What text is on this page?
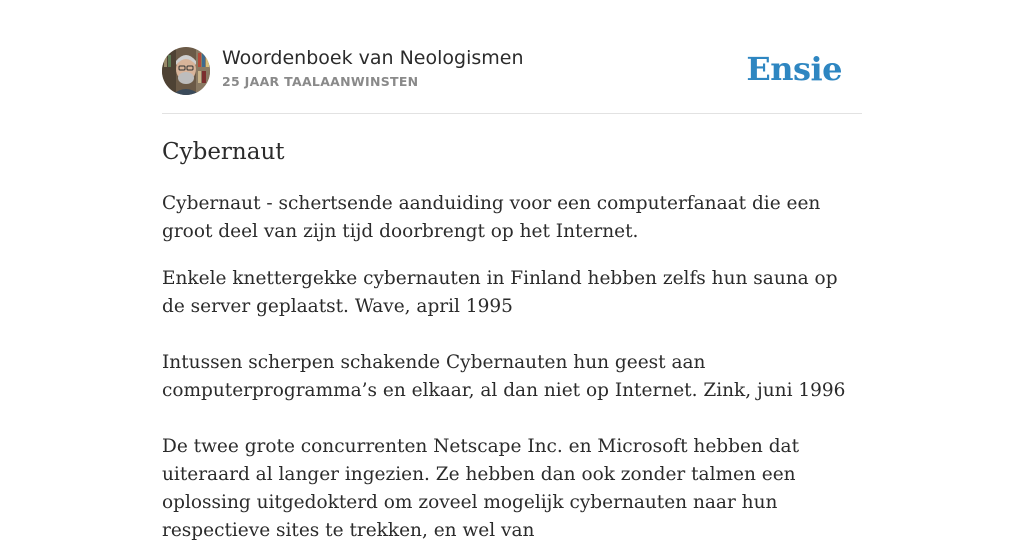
Woordenboek van Neologismen
25 JAAR TAALAANWINSTEN	Ensie
Cybernaut

Cybernaut - schertsende aanduiding voor een computerfanaat die een groot deel van zijn tijd doorbrengt op het Internet.

Enkele knettergekke cybernauten in Finland hebben zelfs hun sauna op de server geplaatst. Wave, april 1995

Intussen scherpen schakende Cybernauten hun geest aan computerprogramma’s en elkaar, al dan niet op Internet. Zink, juni 1996

De twee grote concurrenten Netscape Inc. en Microsoft hebben dat uiteraard al langer ingezien. Ze hebben dan ook zonder talmen een oplossing uitgedokterd om zoveel mogelijk cybernauten naar hun respectieve sites te trekken, en wel van
